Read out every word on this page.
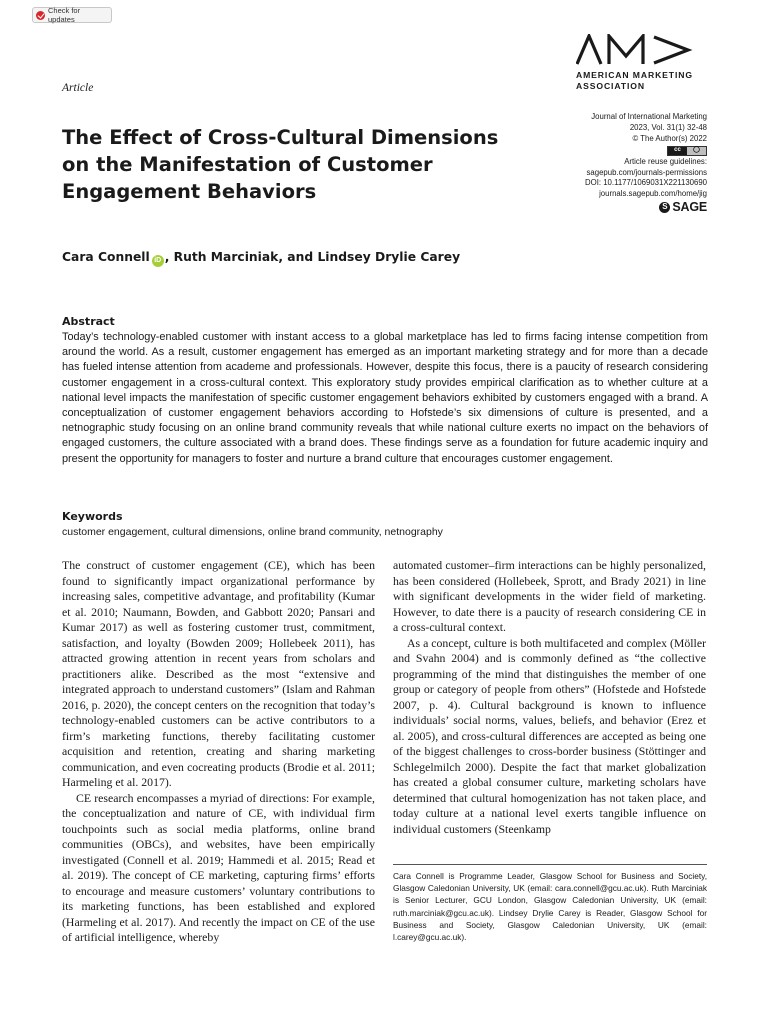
Check for updates
AMERICAN MARKETING
ASSOCIATION
Article
The Effect of Cross-Cultural Dimensions on the Manifestation of Customer Engagement Behaviors
Journal of International Marketing
2023, Vol. 31(1) 32-48
© The Author(s) 2022
cc	◯
Article reuse guidelines:
sagepub.com/journals-permissions
DOI: 10.1177/1069031X221130690
journals.sagepub.com/home/jig
S SAGE
Cara Connell iD , Ruth Marciniak, and Lindsey Drylie Carey
Abstract

Today’s technology-enabled customer with instant access to a global marketplace has led to firms facing intense competition from around the world. As a result, customer engagement has emerged as an important marketing strategy and for more than a decade has fueled intense attention from academe and professionals. However, despite this focus, there is a paucity of research considering customer engagement in a cross-cultural context. This exploratory study provides empirical clarification as to whether culture at a national level impacts the manifestation of specific customer engagement behaviors exhibited by customers engaged with a brand. A conceptualization of customer engagement behaviors according to Hofstede’s six dimensions of culture is presented, and a netnographic study focusing on an online brand community reveals that while national culture exerts no impact on the behaviors of engaged customers, the culture associated with a brand does. These findings serve as a foundation for future academic inquiry and present the opportunity for managers to foster and nurture a brand culture that encourages customer engagement.

Keywords
customer engagement, cultural dimensions, online brand community, netnography

The construct of customer engagement (CE), which has been found to significantly impact organizational performance by increasing sales, competitive advantage, and profitability (Kumar et al. 2010; Naumann, Bowden, and Gabbott 2020; Pansari and Kumar 2017) as well as fostering customer trust, commitment, satisfaction, and loyalty (Bowden 2009; Hollebeek 2011), has attracted growing attention in recent years from scholars and practitioners alike. Described as the most “extensive and integrated approach to understand customers” (Islam and Rahman 2016, p. 2020), the concept centers on the recognition that today’s technology-enabled customers can be active contributors to a firm’s marketing functions, thereby facilitating customer acquisition and retention, creating and sharing marketing communication, and even cocreating products (Brodie et al. 2011; Harmeling et al. 2017).

CE research encompasses a myriad of directions: For example, the conceptualization and nature of CE, with individual firm touchpoints such as social media platforms, online brand communities (OBCs), and websites, have been empirically investigated (Connell et al. 2019; Hammedi et al. 2015; Read et al. 2019). The concept of CE marketing, capturing firms’ efforts to encourage and measure customers’ voluntary contributions to its marketing functions, has been established and explored (Harmeling et al. 2017). And recently the impact on CE of the use of artificial intelligence, whereby

automated customer–firm interactions can be highly personalized, has been considered (Hollebeek, Sprott, and Brady 2021) in line with significant developments in the wider field of marketing. However, to date there is a paucity of research considering CE in a cross-cultural context.

As a concept, culture is both multifaceted and complex (Möller and Svahn 2004) and is commonly defined as “the collective programming of the mind that distinguishes the member of one group or category of people from others” (Hofstede and Hofstede 2007, p. 4). Cultural background is known to influence individuals’ social norms, values, beliefs, and behavior (Erez et al. 2005), and cross-cultural differences are accepted as being one of the biggest challenges to cross-border business (Stöttinger and Schlegelmilch 2000). Despite the fact that market globalization has created a global consumer culture, marketing scholars have determined that cultural homogenization has not taken place, and today culture at a national level exerts tangible influence on individual customers (Steenkamp

Cara Connell is Programme Leader, Glasgow School for Business and Society, Glasgow Caledonian University, UK (email: cara.connell@gcu.ac.uk). Ruth Marciniak is Senior Lecturer, GCU London, Glasgow Caledonian University, UK (email: ruth.marciniak@gcu.ac.uk). Lindsey Drylie Carey is Reader, Glasgow School for Business and Society, Glasgow Caledonian University, UK (email: l.carey@gcu.ac.uk).
